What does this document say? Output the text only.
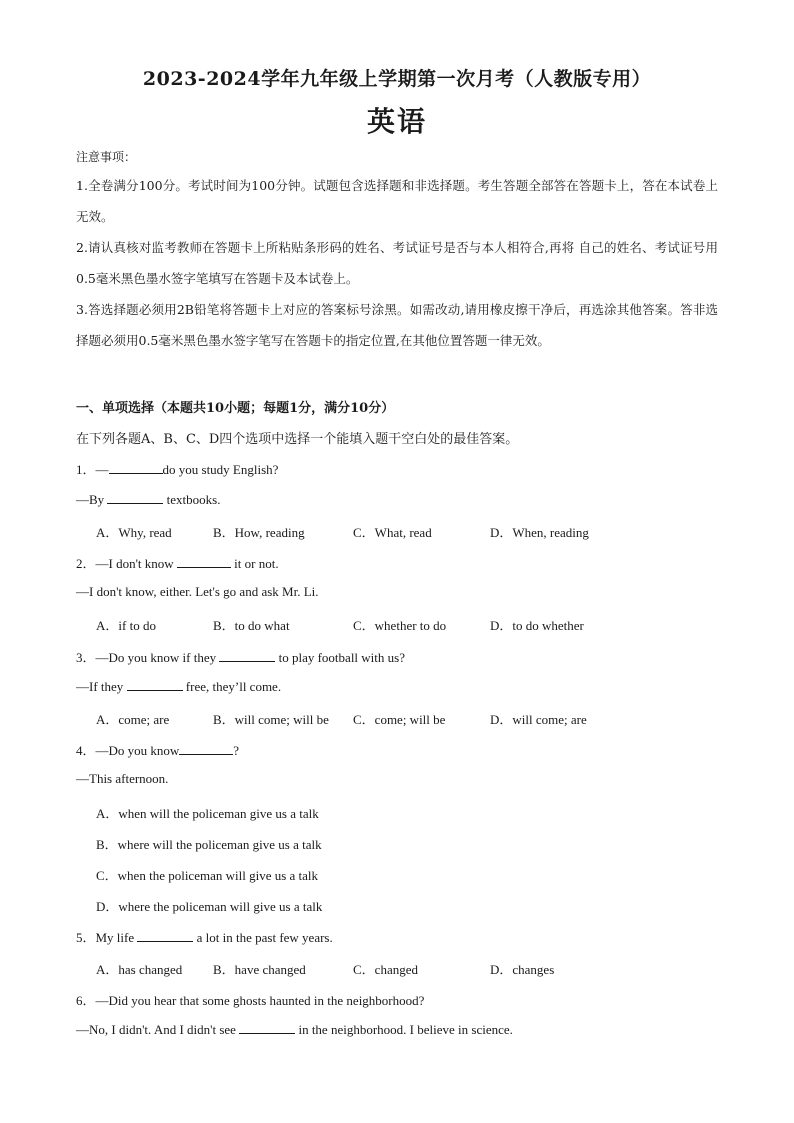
2023-2024学年九年级上学期第一次月考（人教版专用）
英语
注意事项：

1.全卷满分100分。考试时间为100分钟。试题包含选择题和非选择题。考生答题全部答在答题卡上，答在本试卷上无效。

2.请认真核对监考教师在答题卡上所粘贴条形码的姓名、考试证号是否与本人相符合,再将 自己的姓名、考试证号用0.5毫米黑色墨水签字笔填写在答题卡及本试卷上。

3.答选择题必须用2B铅笔将答题卡上对应的答案标号涂黑。如需改动,请用橡皮擦干净后，再选涂其他答案。答非选择题必须用0.5毫米黑色墨水签字笔写在答题卡的指定位置,在其他位置答题一律无效。

一、单项选择（本题共10小题；每题1分，满分10分）
在下列各题A、B、C、D四个选项中选择一个能填入题干空白处的最佳答案。
1．—	do you study English?
—By	textbooks.
A．Why, read	B．How, reading	C．What, read	D．When, reading
2．—I don't know	it or not.
—I don't know, either. Let's go and ask Mr. Li.
A．if to do	B．to do what	C．whether to do	D．to do whether
3．—Do you know if they	to play football with us?
—If they	free, they’ll come.
A．come; are	B．will come; will be C．come; will be	D．will come; are
4．—Do you know	?
—This afternoon.
A．when will the policeman give us a talk
B．where will the policeman give us a talk
C．when the policeman will give us a talk
D．where the policeman will give us a talk
5．My life	a lot in the past few years.
A．has changed B．have changed	C．changed	D．changes
6．—Did you hear that some ghosts haunted in the neighborhood?
—No, I didn't. And I didn't see	in the neighborhood. I believe in science.
